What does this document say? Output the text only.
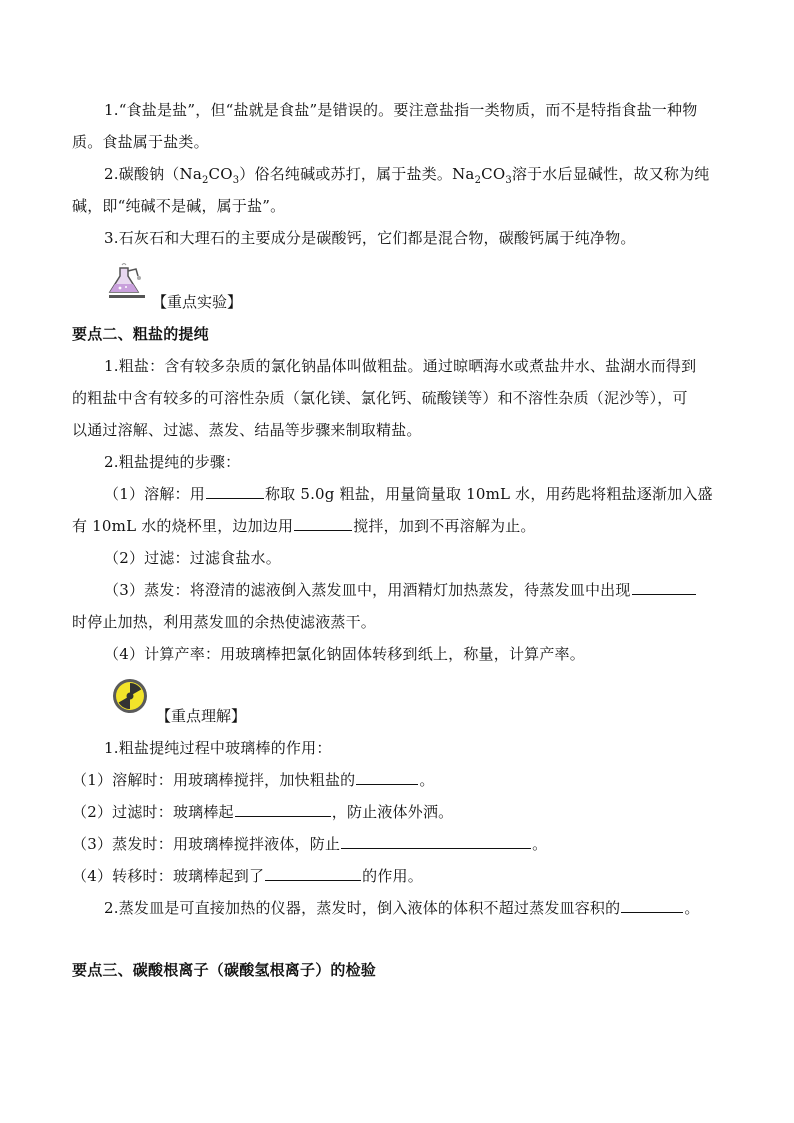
1.“食盐是盐”，但“盐就是食盐”是错误的。要注意盐指一类物质，而不是特指食盐一种物
质。食盐属于盐类。
2.碳酸钠$(Na_2CO_3)$俗名纯碱或苏打，属于盐类。$Na_2CO_3$溶于水后显碱性，故又称为纯
碱，即“纯碱不是碱，属于盐”。
3.石灰石和大理石的主要成分是碳酸钙，它们都是混合物，碳酸钙属于纯净物。
【重点实验】
要点二、粗盐的提纯
1.粗盐：含有较多杂质的氯化钠晶体叫做粗盐。通过晾晒海水或煮盐井水、盐湖水而得到
的粗盐中含有较多的可溶性杂质（氯化镁、氯化钙、硫酸镁等）和不溶性杂质（泥沙等），可
以通过溶解、过滤、蒸发、结晶等步骤来制取精盐。
2.粗盐提纯的步骤：
（1）溶解：用	称取 5.0g 粗盐，用量筒量取 10mL 水，用药匙将粗盐逐渐加入盛
有 10mL 水的烧杯里，边加边用	搅拌，加到不再溶解为止。
（2）过滤：过滤食盐水。
（3）蒸发：将澄清的滤液倒入蒸发皿中，用酒精灯加热蒸发，待蒸发皿中出现
时停止加热，利用蒸发皿的余热使滤液蒸干。
（4）计算产率：用玻璃棒把氯化钠固体转移到纸上，称量，计算产率。
【重点理解】
1.粗盐提纯过程中玻璃棒的作用：
（1）溶解时：用玻璃棒搅拌，加快粗盐的	。
（2）过滤时：玻璃棒起	，防止液体外洒。
（3）蒸发时：用玻璃棒搅拌液体，防止	。
（4）转移时：玻璃棒起到了	的作用。
2.蒸发皿是可直接加热的仪器，蒸发时，倒入液体的体积不超过蒸发皿容积的	。
要点三、碳酸根离子（碳酸氢根离子）的检验
